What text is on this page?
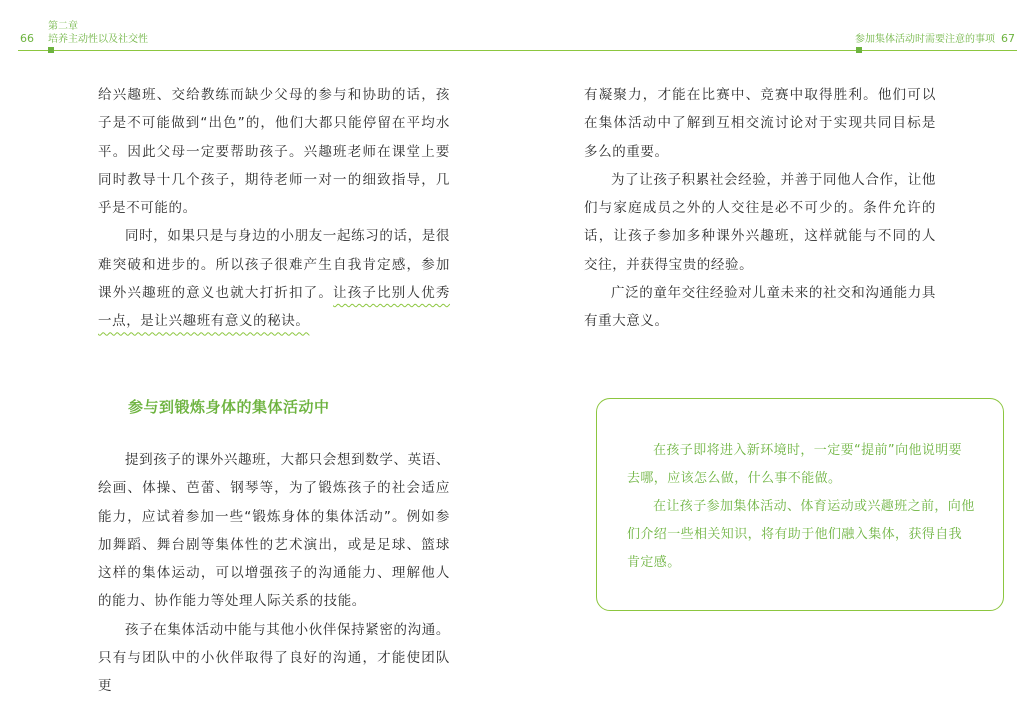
66
第二章
培养主动性以及社交性	参加集体活动时需要注意的事项 67

给兴趣班、交给教练而缺少父母的参与和协助的话，孩子是不可能做到“出色”的，他们大都只能停留在平均水平。因此父母一定要帮助孩子。兴趣班老师在课堂上要同时教导十几个孩子，期待老师一对一的细致指导，几乎是不可能的。

同时，如果只是与身边的小朋友一起练习的话，是很难突破和进步的。所以孩子很难产生自我肯定感，参加课外兴趣班的意义也就大打折扣了。让孩子比别人优秀一点，是让兴趣班有意义的秘诀。

参与到锻炼身体的集体活动中

提到孩子的课外兴趣班，大都只会想到数学、英语、绘画、体操、芭蕾、钢琴等，为了锻炼孩子的社会适应能力，应试着参加一些“锻炼身体的集体活动”。例如参加舞蹈、舞台剧等集体性的艺术演出，或是足球、篮球这样的集体运动，可以增强孩子的沟通能力、理解他人的能力、协作能力等处理人际关系的技能。

孩子在集体活动中能与其他小伙伴保持紧密的沟通。只有与团队中的小伙伴取得了良好的沟通，才能使团队更

有凝聚力，才能在比赛中、竞赛中取得胜利。他们可以在集体活动中了解到互相交流讨论对于实现共同目标是多么的重要。

为了让孩子积累社会经验，并善于同他人合作，让他们与家庭成员之外的人交往是必不可少的。条件允许的话，让孩子参加多种课外兴趣班，这样就能与不同的人交往，并获得宝贵的经验。

广泛的童年交往经验对儿童未来的社交和沟通能力具有重大意义。

在孩子即将进入新环境时，一定要“提前”向他说明要去哪，应该怎么做，什么事不能做。

在让孩子参加集体活动、体育运动或兴趣班之前，向他们介绍一些相关知识，将有助于他们融入集体，获得自我肯定感。
